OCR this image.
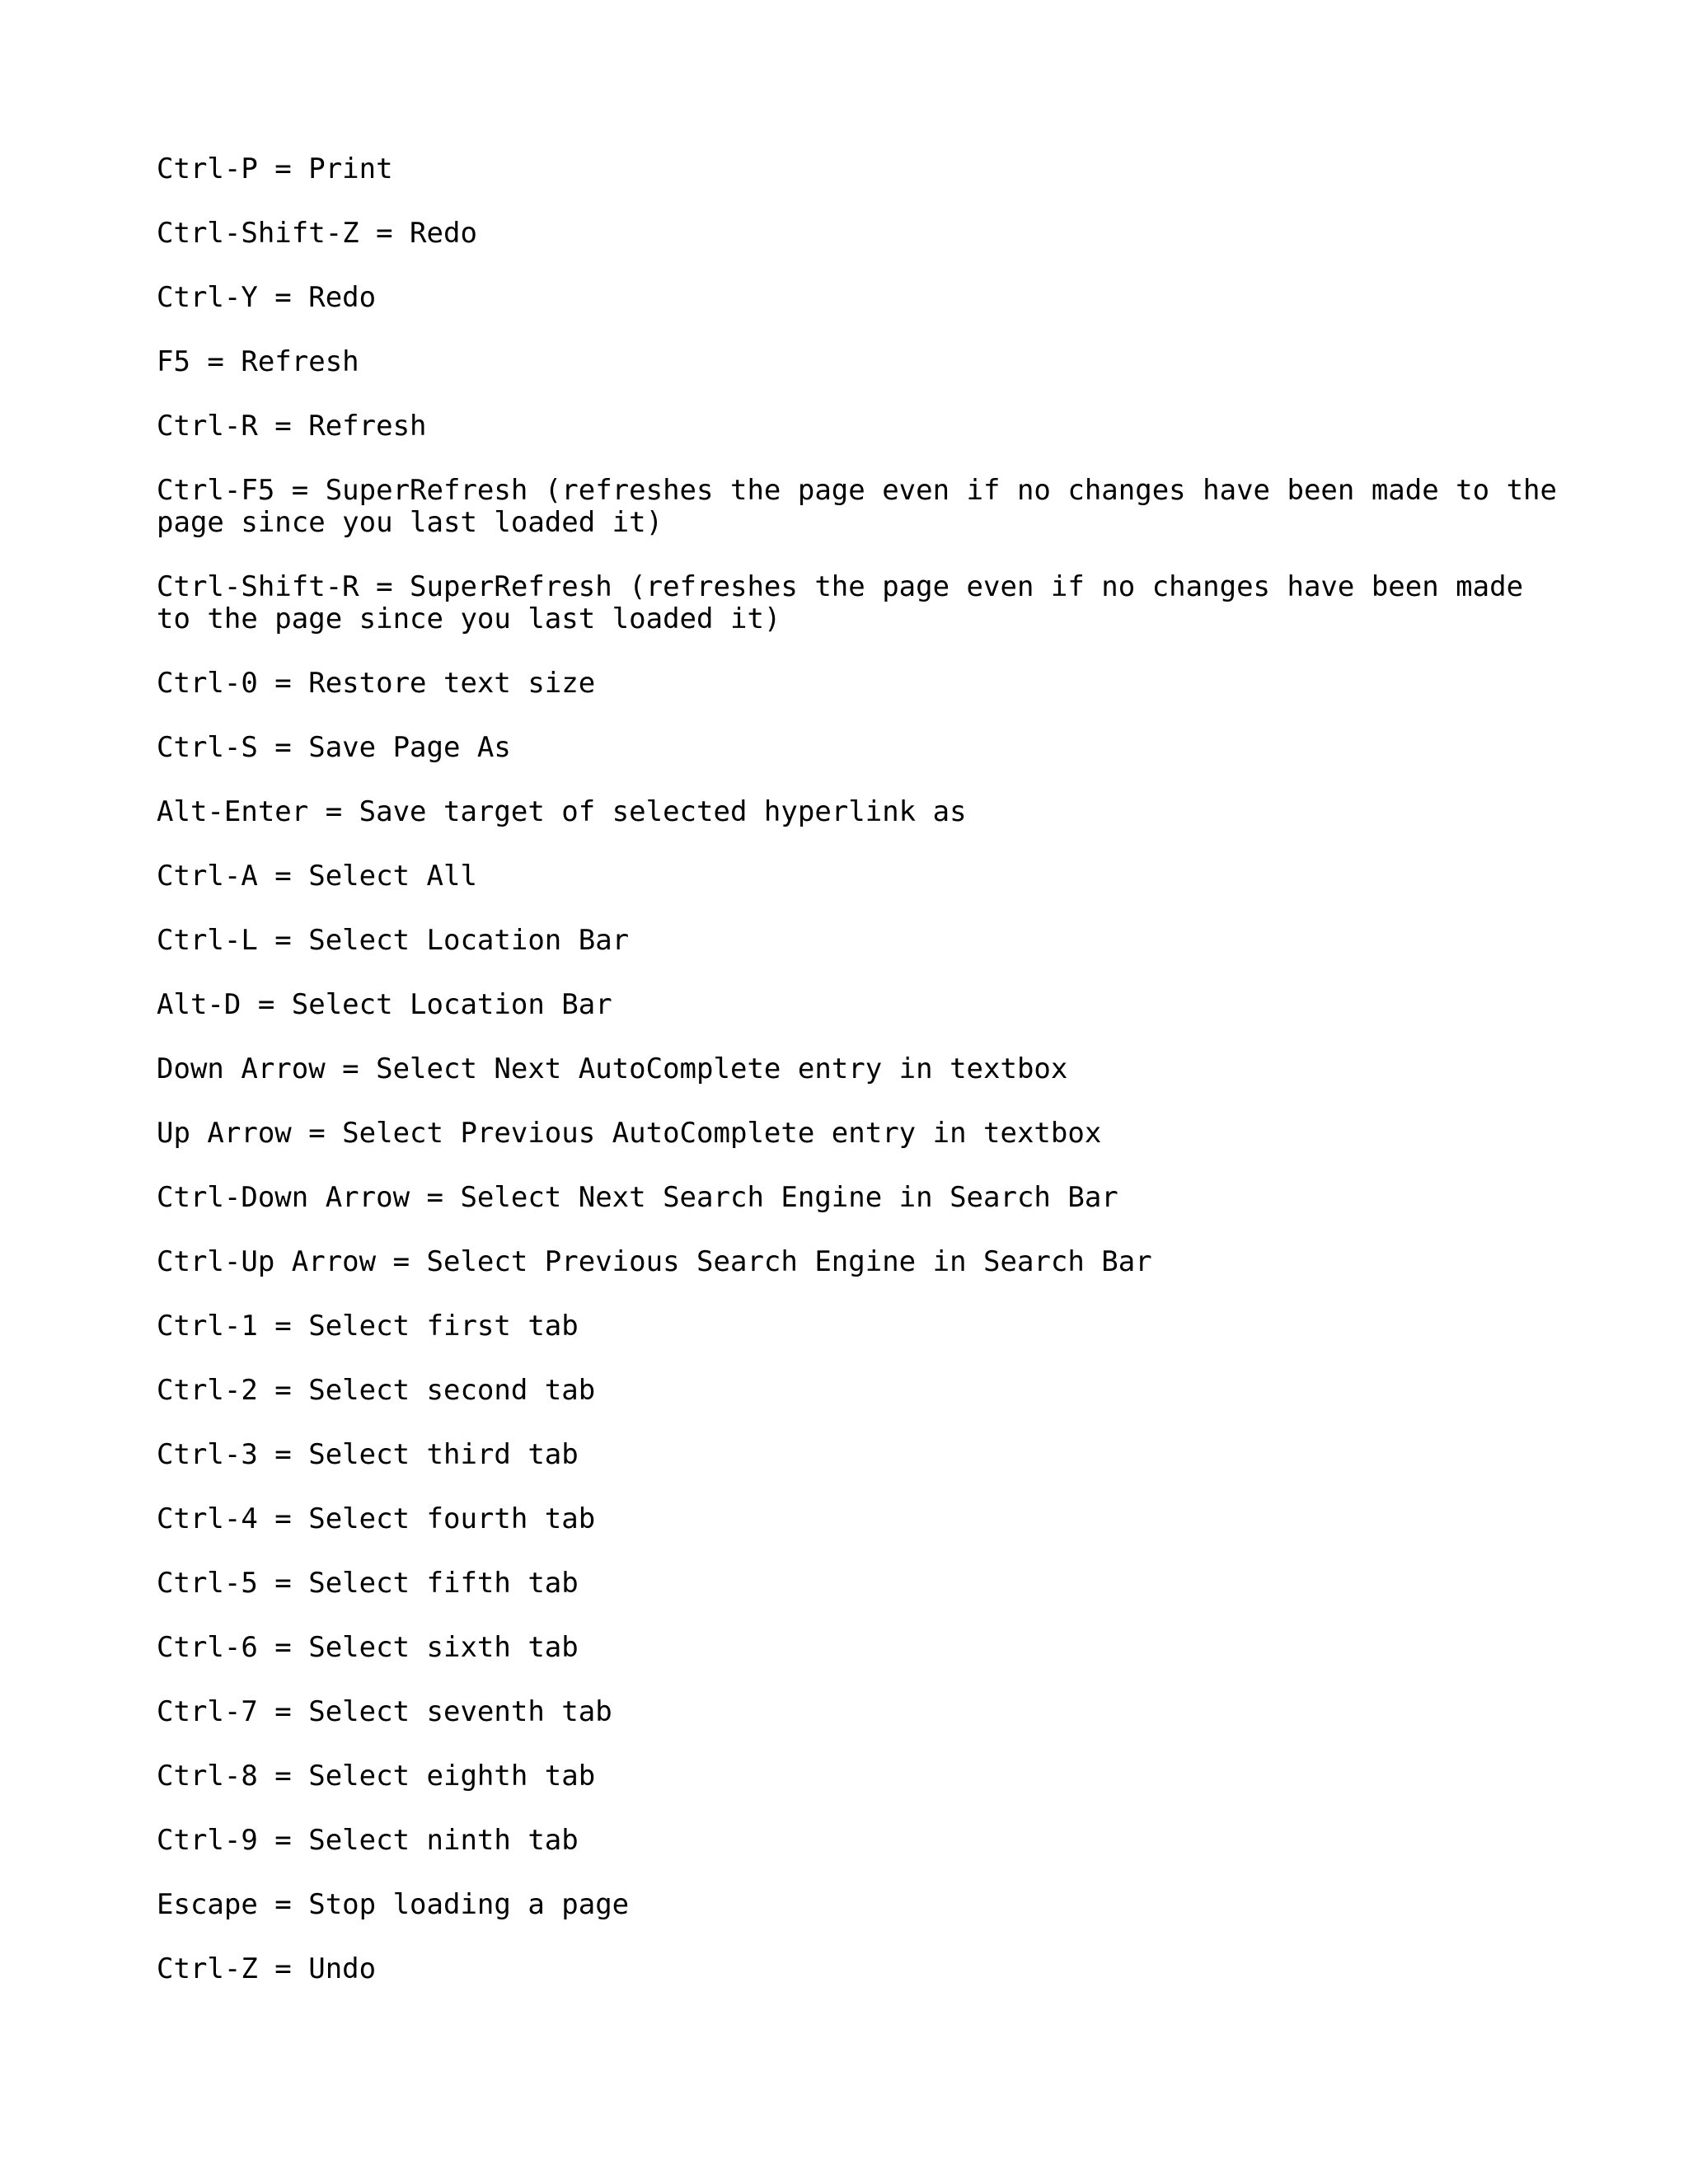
Ctrl-P = Print
Ctrl-Shift-Z = Redo
Ctrl-Y = Redo
F5 = Refresh
Ctrl-R = Refresh
Ctrl-F5 = SuperRefresh (refreshes the page even if no changes have been made to the page since you last loaded it)
Ctrl-Shift-R = SuperRefresh (refreshes the page even if no changes have been made to the page since you last loaded it)
Ctrl-0 = Restore text size
Ctrl-S = Save Page As
Alt-Enter = Save target of selected hyperlink as
Ctrl-A = Select All
Ctrl-L = Select Location Bar
Alt-D = Select Location Bar
Down Arrow = Select Next AutoComplete entry in textbox
Up Arrow = Select Previous AutoComplete entry in textbox
Ctrl-Down Arrow = Select Next Search Engine in Search Bar
Ctrl-Up Arrow = Select Previous Search Engine in Search Bar
Ctrl-1 = Select first tab
Ctrl-2 = Select second tab
Ctrl-3 = Select third tab
Ctrl-4 = Select fourth tab
Ctrl-5 = Select fifth tab
Ctrl-6 = Select sixth tab
Ctrl-7 = Select seventh tab
Ctrl-8 = Select eighth tab
Ctrl-9 = Select ninth tab
Escape = Stop loading a page
Ctrl-Z = Undo
